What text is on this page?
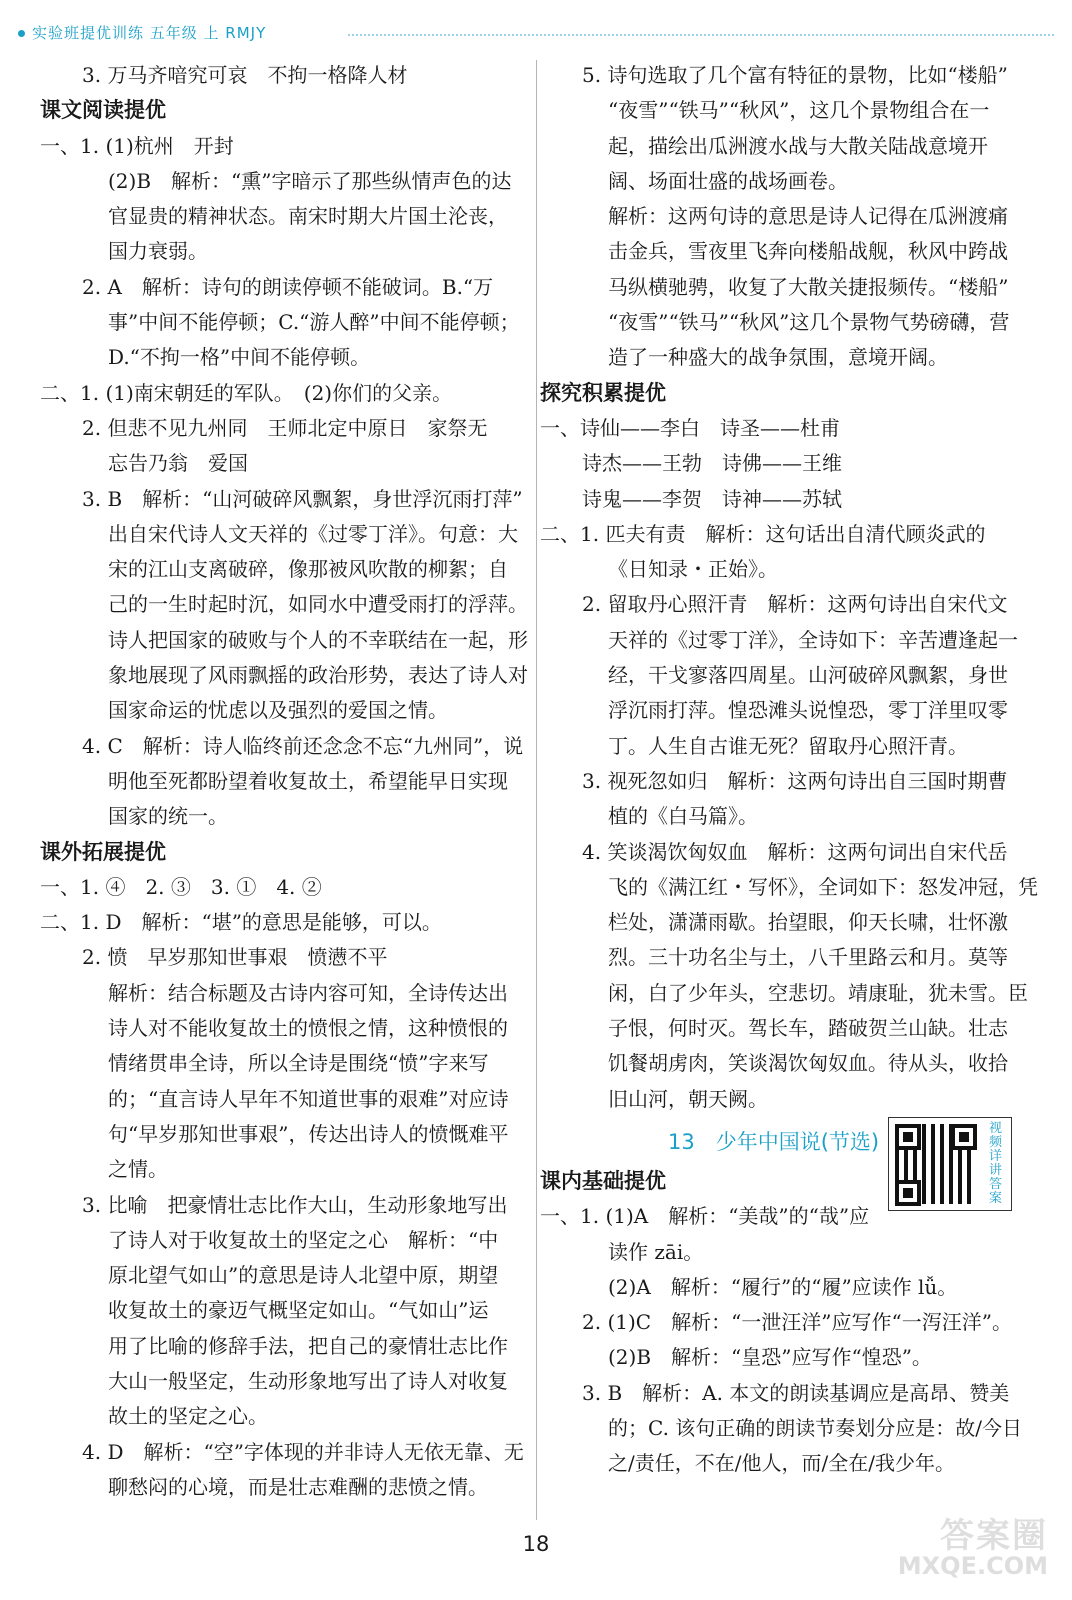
实验班提优训练 五年级 上 RMJY
3. 万马齐喑究可哀　不拘一格降人材
课文阅读提优
一、1. (1)杭州　开封
(2)B　解析：“熏”字暗示了那些纵情声色的达
官显贵的精神状态。南宋时期大片国土沦丧，
国力衰弱。
2. A　解析：诗句的朗读停顿不能破词。B.“万
事”中间不能停顿；C.“游人醉”中间不能停顿；
D.“不拘一格”中间不能停顿。
二、1. (1)南宋朝廷的军队。　(2)你们的父亲。
2. 但悲不见九州同　王师北定中原日　家祭无
忘告乃翁　爱国
3. B　解析：“山河破碎风飘絮，身世浮沉雨打萍”
出自宋代诗人文天祥的《过零丁洋》。句意：大
宋的江山支离破碎，像那被风吹散的柳絮；自
己的一生时起时沉，如同水中遭受雨打的浮萍。
诗人把国家的破败与个人的不幸联结在一起，形
象地展现了风雨飘摇的政治形势，表达了诗人对
国家命运的忧虑以及强烈的爱国之情。
4. C　解析：诗人临终前还念念不忘“九州同”，说
明他至死都盼望着收复故土，希望能早日实现
国家的统一。
课外拓展提优
一、1. ④　2. ③　3. ①　4. ②
二、1. D　解析：“堪”的意思是能够，可以。
2. 愤　早岁那知世事艰　愤懑不平
解析：结合标题及古诗内容可知，全诗传达出
诗人对不能收复故土的愤恨之情，这种愤恨的
情绪贯串全诗，所以全诗是围绕“愤”字来写
的；“直言诗人早年不知道世事的艰难”对应诗
句“早岁那知世事艰”，传达出诗人的愤慨难平
之情。
3. 比喻　把豪情壮志比作大山，生动形象地写出
了诗人对于收复故土的坚定之心　解析：“中
原北望气如山”的意思是诗人北望中原，期望
收复故土的豪迈气概坚定如山。“气如山”运
用了比喻的修辞手法，把自己的豪情壮志比作
大山一般坚定，生动形象地写出了诗人对收复
故土的坚定之心。
4. D　解析：“空”字体现的并非诗人无依无靠、无
聊愁闷的心境，而是壮志难酬的悲愤之情。
5. 诗句选取了几个富有特征的景物，比如“楼船”
“夜雪”“铁马”“秋风”，这几个景物组合在一
起，描绘出瓜洲渡水战与大散关陆战意境开
阔、场面壮盛的战场画卷。
解析：这两句诗的意思是诗人记得在瓜洲渡痛
击金兵，雪夜里飞奔向楼船战舰，秋风中跨战
马纵横驰骋，收复了大散关捷报频传。“楼船”
“夜雪”“铁马”“秋风”这几个景物气势磅礴，营
造了一种盛大的战争氛围，意境开阔。
探究积累提优
一、诗仙——李白　诗圣——杜甫
诗杰——王勃　诗佛——王维
诗鬼——李贺　诗神——苏轼
二、1. 匹夫有责　解析：这句话出自清代顾炎武的
《日知录・正始》。
2. 留取丹心照汗青　解析：这两句诗出自宋代文
天祥的《过零丁洋》，全诗如下：辛苦遭逢起一
经，干戈寥落四周星。山河破碎风飘絮，身世
浮沉雨打萍。惶恐滩头说惶恐，零丁洋里叹零
丁。人生自古谁无死？留取丹心照汗青。
3. 视死忽如归　解析：这两句诗出自三国时期曹
植的《白马篇》。
4. 笑谈渴饮匈奴血　解析：这两句词出自宋代岳
飞的《满江红・写怀》，全词如下：怒发冲冠，凭
栏处，潇潇雨歇。抬望眼，仰天长啸，壮怀激
烈。三十功名尘与土，八千里路云和月。莫等
闲，白了少年头，空悲切。靖康耻，犹未雪。臣
子恨，何时灭。驾长车，踏破贺兰山缺。壮志
饥餐胡虏肉，笑谈渴饮匈奴血。待从头，收拾
旧山河，朝天阙。
13　少年中国说(节选)
视频详讲答案
课内基础提优
一、1. (1)A　解析：“美哉”的“哉”应
读作 zāi。
(2)A　解析：“履行”的“履”应读作 lǚ。
2. (1)C　解析：“一泄汪洋”应写作“一泻汪洋”。
(2)B　解析：“皇恐”应写作“惶恐”。
3. B　解析：A. 本文的朗读基调应是高昂、赞美
的；C. 该句正确的朗读节奏划分应是：故/今日
之/责任，不在/他人，而/全在/我少年。
18	答案圈
MXQE.COM
